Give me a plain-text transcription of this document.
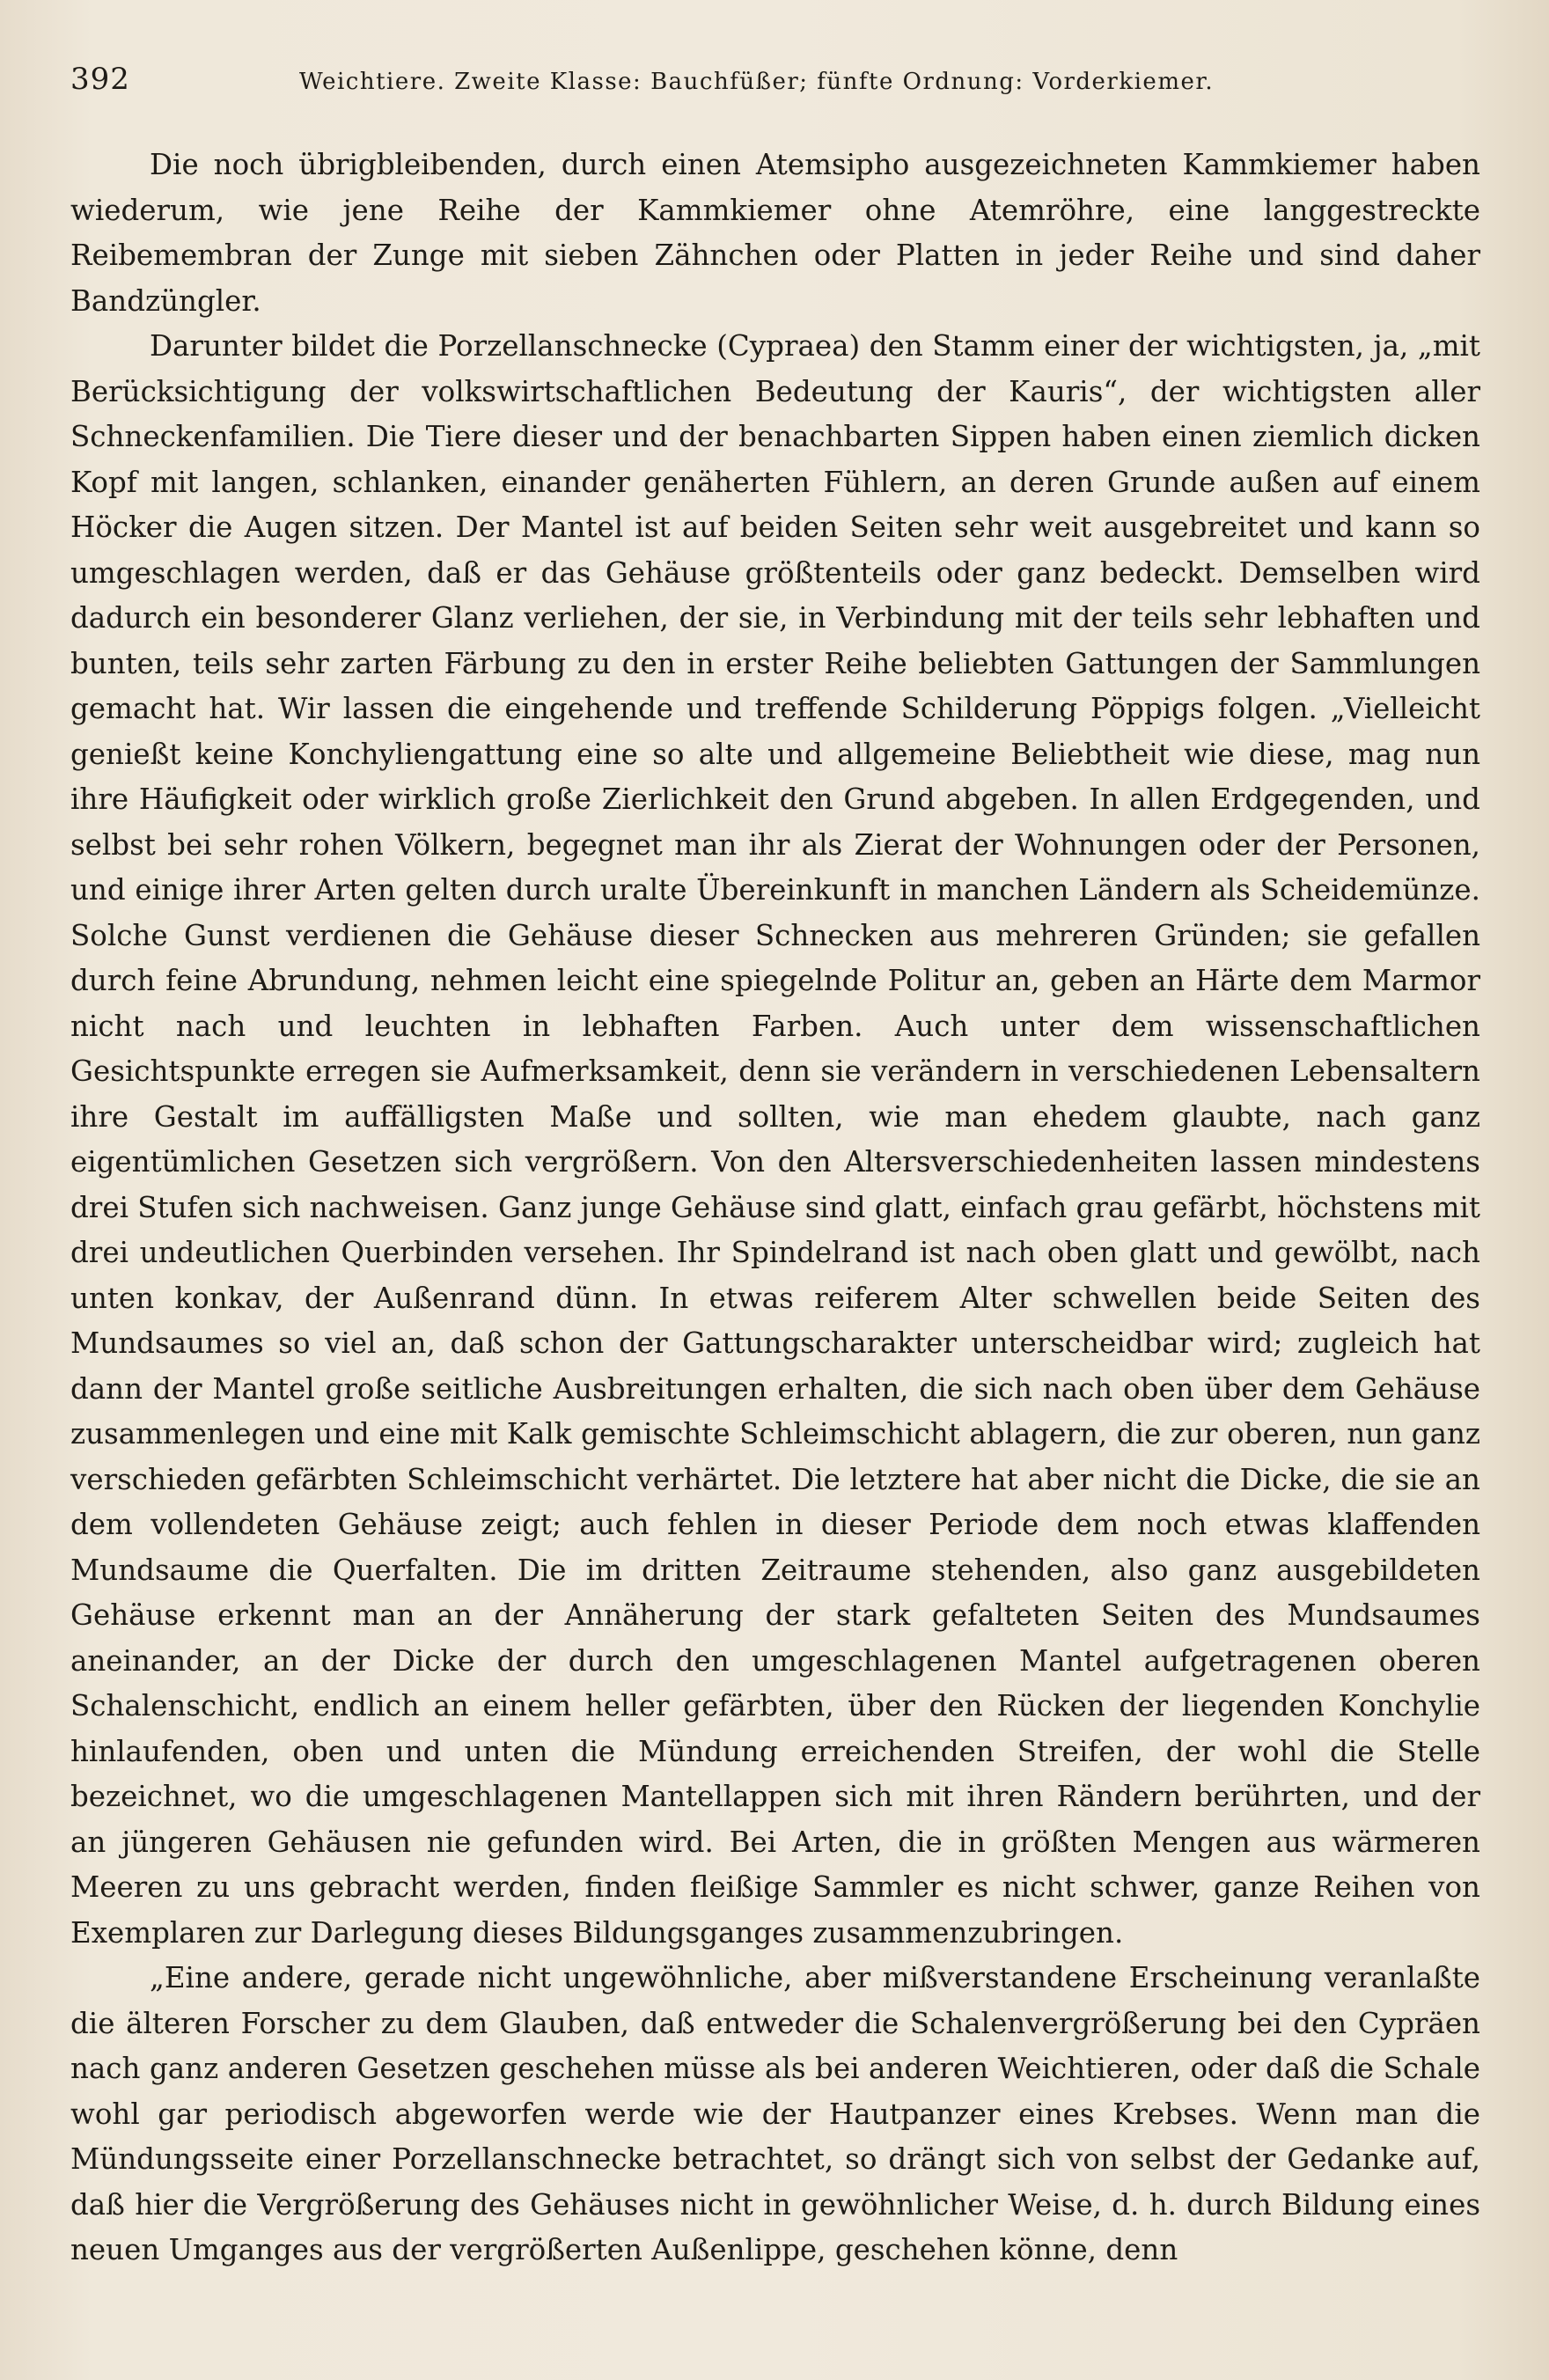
392	Weichtiere. Zweite Klasse: Bauchfüßer; fünfte Ordnung: Vorderkiemer.

Die noch übrigbleibenden, durch einen Atemsipho ausgezeichneten Kammkiemer haben wiederum, wie jene Reihe der Kammkiemer ohne Atemröhre, eine langgestreckte Reibemembran der Zunge mit sieben Zähnchen oder Platten in jeder Reihe und sind daher Bandzüngler.

Darunter bildet die Porzellanschnecke (Cypraea) den Stamm einer der wichtigsten, ja, „mit Berücksichtigung der volkswirtschaftlichen Bedeutung der Kauris“, der wichtigsten aller Schneckenfamilien. Die Tiere dieser und der benachbarten Sippen haben einen ziemlich dicken Kopf mit langen, schlanken, einander genäherten Fühlern, an deren Grunde außen auf einem Höcker die Augen sitzen. Der Mantel ist auf beiden Seiten sehr weit ausgebreitet und kann so umgeschlagen werden, daß er das Gehäuse größtenteils oder ganz bedeckt. Demselben wird dadurch ein besonderer Glanz verliehen, der sie, in Verbindung mit der teils sehr lebhaften und bunten, teils sehr zarten Färbung zu den in erster Reihe beliebten Gattungen der Sammlungen gemacht hat. Wir lassen die eingehende und treffende Schilderung Pöppigs folgen. „Vielleicht genießt keine Konchyliengattung eine so alte und allgemeine Beliebtheit wie diese, mag nun ihre Häufigkeit oder wirklich große Zierlichkeit den Grund abgeben. In allen Erdgegenden, und selbst bei sehr rohen Völkern, begegnet man ihr als Zierat der Wohnungen oder der Personen, und einige ihrer Arten gelten durch uralte Übereinkunft in manchen Ländern als Scheidemünze. Solche Gunst verdienen die Gehäuse dieser Schnecken aus mehreren Gründen; sie gefallen durch feine Abrundung, nehmen leicht eine spiegelnde Politur an, geben an Härte dem Marmor nicht nach und leuchten in lebhaften Farben. Auch unter dem wissenschaftlichen Gesichtspunkte erregen sie Aufmerksamkeit, denn sie verändern in verschiedenen Lebensaltern ihre Gestalt im auffälligsten Maße und sollten, wie man ehedem glaubte, nach ganz eigentümlichen Gesetzen sich vergrößern. Von den Altersverschiedenheiten lassen mindestens drei Stufen sich nachweisen. Ganz junge Gehäuse sind glatt, einfach grau gefärbt, höchstens mit drei undeutlichen Querbinden versehen. Ihr Spindelrand ist nach oben glatt und gewölbt, nach unten konkav, der Außenrand dünn. In etwas reiferem Alter schwellen beide Seiten des Mundsaumes so viel an, daß schon der Gattungscharakter unterscheidbar wird; zugleich hat dann der Mantel große seitliche Ausbreitungen erhalten, die sich nach oben über dem Gehäuse zusammenlegen und eine mit Kalk gemischte Schleimschicht ablagern, die zur oberen, nun ganz verschieden gefärbten Schleimschicht verhärtet. Die letztere hat aber nicht die Dicke, die sie an dem vollendeten Gehäuse zeigt; auch fehlen in dieser Periode dem noch etwas klaffenden Mundsaume die Querfalten. Die im dritten Zeitraume stehenden, also ganz ausgebildeten Gehäuse erkennt man an der Annäherung der stark gefalteten Seiten des Mundsaumes aneinander, an der Dicke der durch den umgeschlagenen Mantel aufgetragenen oberen Schalenschicht, endlich an einem heller gefärbten, über den Rücken der liegenden Konchylie hinlaufenden, oben und unten die Mündung erreichenden Streifen, der wohl die Stelle bezeichnet, wo die umgeschlagenen Mantellappen sich mit ihren Rändern berührten, und der an jüngeren Gehäusen nie gefunden wird. Bei Arten, die in größten Mengen aus wärmeren Meeren zu uns gebracht werden, finden fleißige Sammler es nicht schwer, ganze Reihen von Exemplaren zur Darlegung dieses Bildungsganges zusammenzubringen.

„Eine andere, gerade nicht ungewöhnliche, aber mißverstandene Erscheinung veranlaßte die älteren Forscher zu dem Glauben, daß entweder die Schalenvergrößerung bei den Cypräen nach ganz anderen Gesetzen geschehen müsse als bei anderen Weichtieren, oder daß die Schale wohl gar periodisch abgeworfen werde wie der Hautpanzer eines Krebses. Wenn man die Mündungsseite einer Porzellanschnecke betrachtet, so drängt sich von selbst der Gedanke auf, daß hier die Vergrößerung des Gehäuses nicht in gewöhnlicher Weise, d. h. durch Bildung eines neuen Umganges aus der vergrößerten Außenlippe, geschehen könne, denn
